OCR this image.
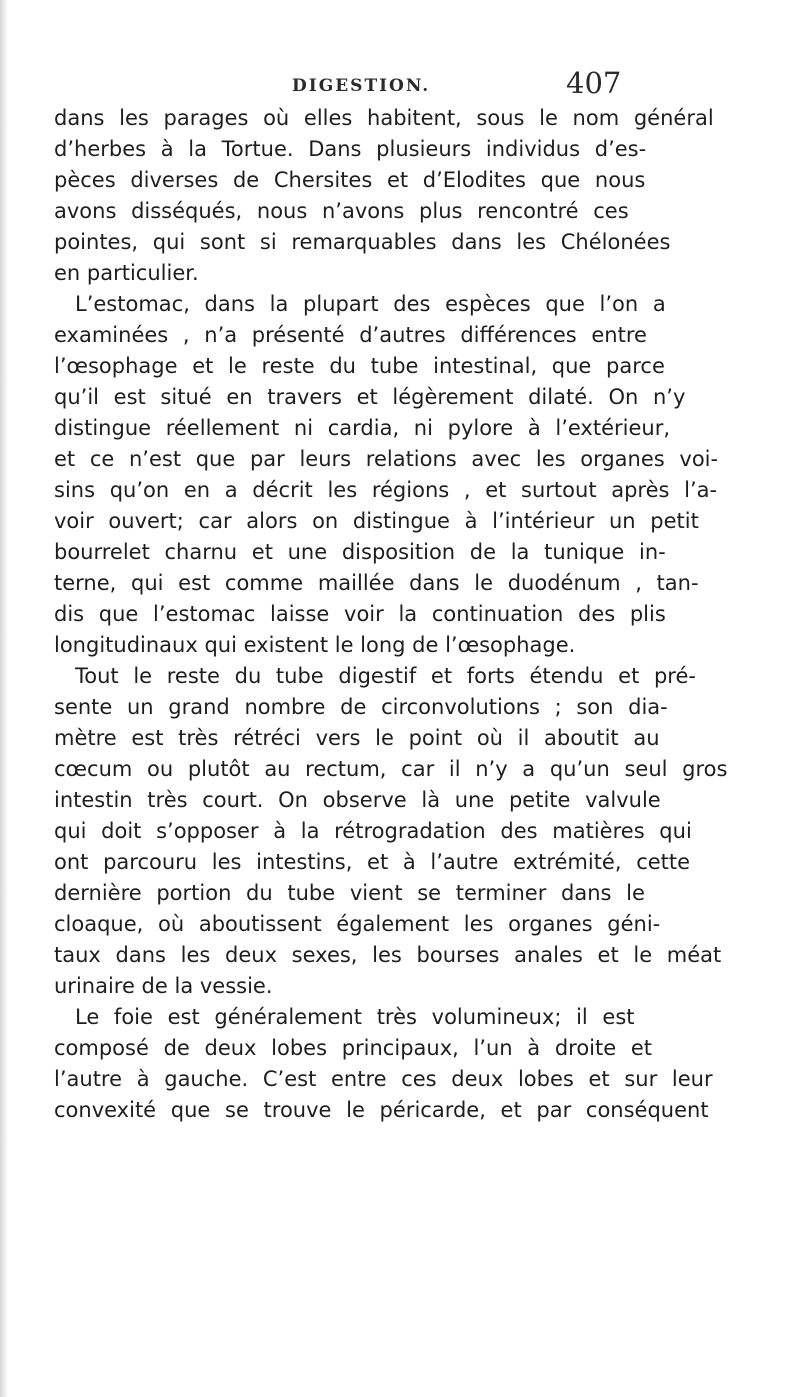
DIGESTION.	407
dans les parages où elles habitent, sous le nom général
d’herbes à la Tortue. Dans plusieurs individus d’es-
pèces diverses de Chersites et d’Elodites que nous
avons disséqués, nous n’avons plus rencontré ces
pointes, qui sont si remarquables dans les Chélonées
en particulier.
L’estomac, dans la plupart des espèces que l’on a
examinées , n’a présenté d’autres différences entre
l’œsophage et le reste du tube intestinal, que parce
qu’il est situé en travers et légèrement dilaté. On n’y
distingue réellement ni cardia, ni pylore à l’extérieur,
et ce n’est que par leurs relations avec les organes voi-
sins qu’on en a décrit les régions , et surtout après l’a-
voir ouvert; car alors on distingue à l’intérieur un petit
bourrelet charnu et une disposition de la tunique in-
terne, qui est comme maillée dans le duodénum , tan-
dis que l’estomac laisse voir la continuation des plis
longitudinaux qui existent le long de l’œsophage.
Tout le reste du tube digestif et forts étendu et pré-
sente un grand nombre de circonvolutions ; son dia-
mètre est très rétréci vers le point où il aboutit au
cœcum ou plutôt au rectum, car il n’y a qu’un seul gros
intestin très court. On observe là une petite valvule
qui doit s’opposer à la rétrogradation des matières qui
ont parcouru les intestins, et à l’autre extrémité, cette
dernière portion du tube vient se terminer dans le
cloaque, où aboutissent également les organes géni-
taux dans les deux sexes, les bourses anales et le méat
urinaire de la vessie.
Le foie est généralement très volumineux; il est
composé de deux lobes principaux, l’un à droite et
l’autre à gauche. C’est entre ces deux lobes et sur leur
convexité que se trouve le péricarde, et par conséquent
